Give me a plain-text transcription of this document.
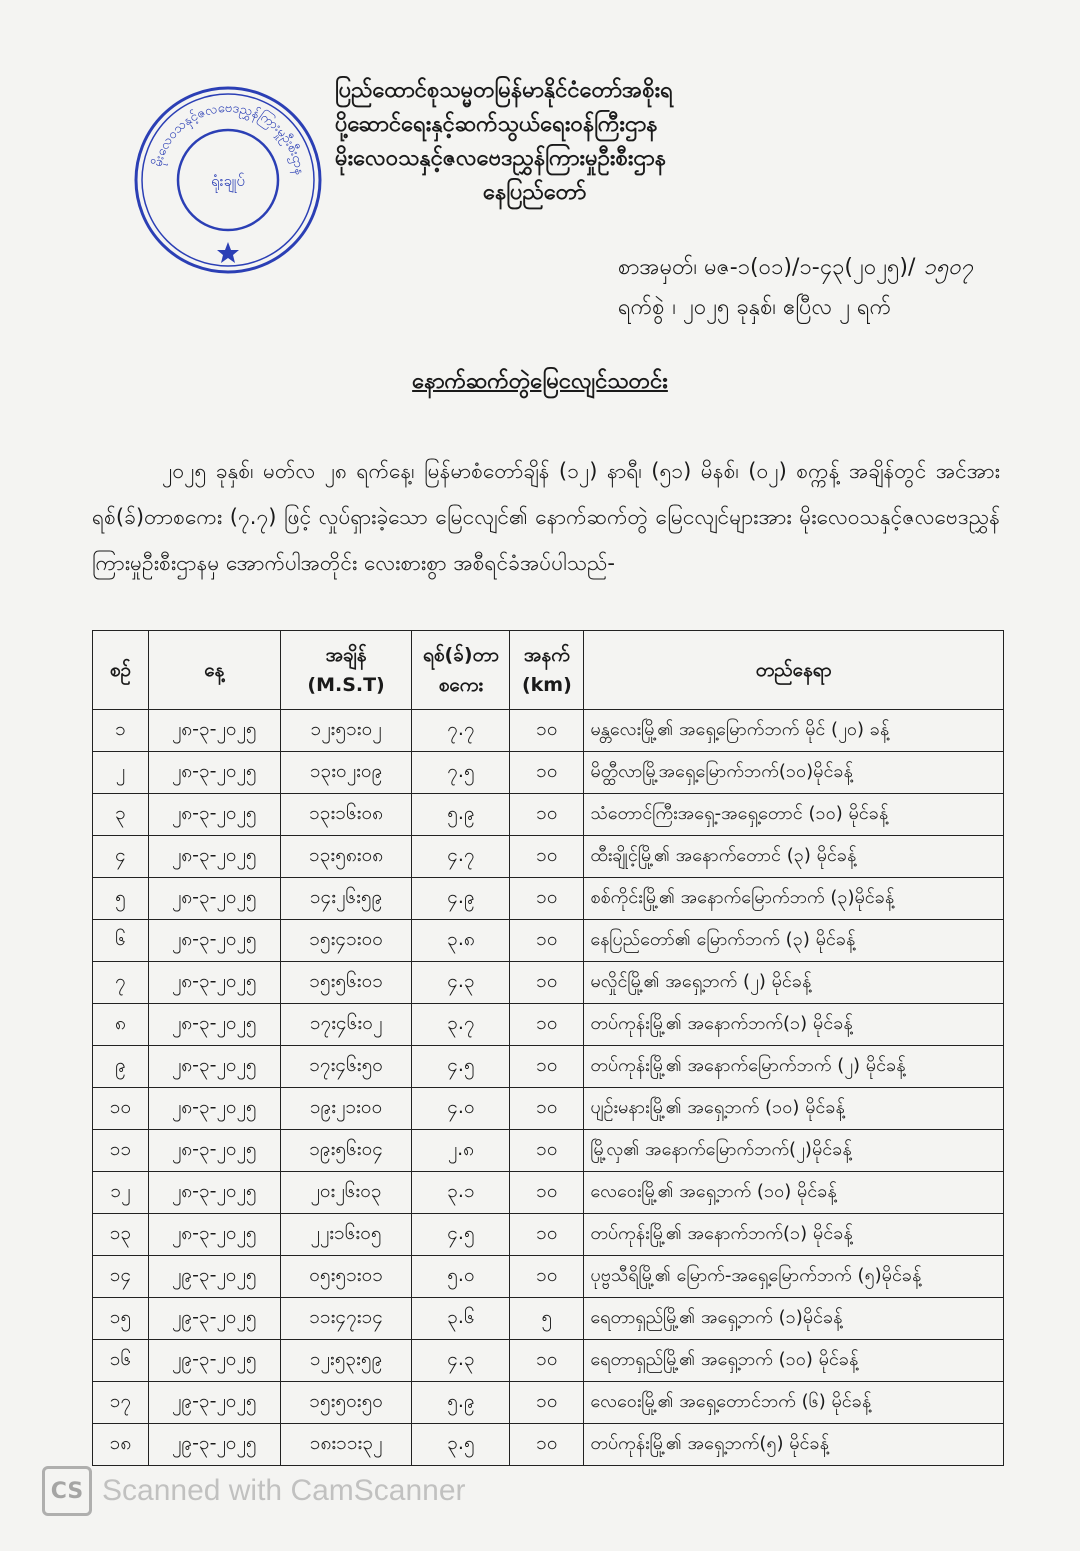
မိုးလေဝသနှင့်ဇလဗေဒညွှန်ကြားမှုဦးစီးဌာန
ရုံးချုပ်
ပြည်ထောင်စုသမ္မတမြန်မာနိုင်ငံတော်အစိုးရ
ပို့ဆောင်ရေးနှင့်ဆက်သွယ်ရေးဝန်ကြီးဌာန
မိုးလေဝသနှင့်ဇလဗေဒညွှန်ကြားမှုဦးစီးဌာန
နေပြည်တော်
စာအမှတ်၊ မဇ-၁(၀၁)/၁-၄၃(၂၀၂၅)/ ၁၅၀၇
ရက်စွဲ ၊ ၂၀၂၅ ခုနှစ်၊ ဧပြီလ ၂ ရက်
နောက်ဆက်တွဲမြေငလျင်သတင်း
၂၀၂၅ ခုနှစ်၊ မတ်လ ၂၈ ရက်နေ့၊ မြန်မာစံတော်ချိန် (၁၂) နာရီ၊ (၅၁) မိနစ်၊ (၀၂) စက္ကန့် အချိန်တွင် အင်အားရစ်(ခ်)တာစကေး (၇.၇) ဖြင့် လှုပ်ရှားခဲ့သော မြေငလျင်၏ နောက်ဆက်တွဲ မြေငလျင်များအား မိုးလေဝသနှင့်ဇလဗေဒညွှန်ကြားမှုဦးစီးဌာနမှ အောက်ပါအတိုင်း လေးစားစွာ အစီရင်ခံအပ်ပါသည်-
စဉ်	နေ့	အချိန် (M.S.T)	ရစ်(ခ်)တာ စကေး	အနက် (km)	တည်နေရာ
၁	၂၈-၃-၂၀၂၅	၁၂း၅၁း၀၂	၇.၇	၁၀	မန္တလေးမြို့၏ အရှေ့မြောက်ဘက် မိုင် (၂၀) ခန့်
၂	၂၈-၃-၂၀၂၅	၁၃း၀၂း၀၉	၇.၅	၁၀	မိတ္ထီလာမြို့အရှေ့မြောက်ဘက်(၁၀)မိုင်ခန့်
၃	၂၈-၃-၂၀၂၅	၁၃း၁၆း၀၈	၅.၉	၁၀	သံတောင်ကြီးအရှေ့-အရှေ့တောင် (၁၀) မိုင်ခန့်
၄	၂၈-၃-၂၀၂၅	၁၃း၅၈း၀၈	၄.၇	၁၀	ထီးချိုင့်မြို့၏ အနောက်တောင် (၃) မိုင်ခန့်
၅	၂၈-၃-၂၀၂၅	၁၄း၂၆း၅၉	၄.၉	၁၀	စစ်ကိုင်းမြို့၏ အနောက်မြောက်ဘက် (၃)မိုင်ခန့်
၆	၂၈-၃-၂၀၂၅	၁၅း၄၁း၀၀	၃.၈	၁၀	နေပြည်တော်၏ မြောက်ဘက် (၃) မိုင်ခန့်
၇	၂၈-၃-၂၀၂၅	၁၅း၅၆း၀၁	၄.၃	၁၀	မလှိုင်မြို့၏ အရှေ့ဘက် (၂) မိုင်ခန့်
၈	၂၈-၃-၂၀၂၅	၁၇း၄၆း၀၂	၃.၇	၁၀	တပ်ကုန်းမြို့၏ အနောက်ဘက်(၁) မိုင်ခန့်
၉	၂၈-၃-၂၀၂၅	၁၇း၄၆း၅၀	၄.၅	၁၀	တပ်ကုန်းမြို့၏ အနောက်မြောက်ဘက် (၂) မိုင်ခန့်
၁၀	၂၈-၃-၂၀၂၅	၁၉း၂၁း၀၀	၄.၀	၁၀	ပျဉ်းမနားမြို့၏ အရှေ့ဘက် (၁၀) မိုင်ခန့်
၁၁	၂၈-၃-၂၀၂၅	၁၉း၅၆း၀၄	၂.၈	၁၀	မြို့လှ၏ အနောက်မြောက်ဘက်(၂)မိုင်ခန့်
၁၂	၂၈-၃-၂၀၂၅	၂၀း၂၆း၀၃	၃.၁	၁၀	လေဝေးမြို့၏ အရှေ့ဘက် (၁၀) မိုင်ခန့်
၁၃	၂၈-၃-၂၀၂၅	၂၂း၁၆း၀၅	၄.၅	၁၀	တပ်ကုန်းမြို့၏ အနောက်ဘက်(၁) မိုင်ခန့်
၁၄	၂၉-၃-၂၀၂၅	၀၅း၅၁း၀၁	၅.၀	၁၀	ပုဗ္ဗသီရိမြို့၏ မြောက်-အရှေ့မြောက်ဘက် (၅)မိုင်ခန့်
၁၅	၂၉-၃-၂၀၂၅	၁၁း၄၇း၁၄	၃.၆	၅	ရေတာရှည်မြို့၏ အရှေ့ဘက် (၁)မိုင်ခန့်
၁၆	၂၉-၃-၂၀၂၅	၁၂း၅၃း၅၉	၄.၃	၁၀	ရေတာရှည်မြို့၏ အရှေ့ဘက် (၁၀) မိုင်ခန့်
၁၇	၂၉-၃-၂၀၂၅	၁၅း၅၀း၅၀	၅.၉	၁၀	လေဝေးမြို့၏ အရှေ့တောင်ဘက် (၆) မိုင်ခန့်
၁၈	၂၉-၃-၂၀၂၅	၁၈း၁၁း၃၂	၃.၅	၁၀	တပ်ကုန်းမြို့၏ အရှေ့ဘက်(၅) မိုင်ခန့်
CS Scanned with CamScanner
